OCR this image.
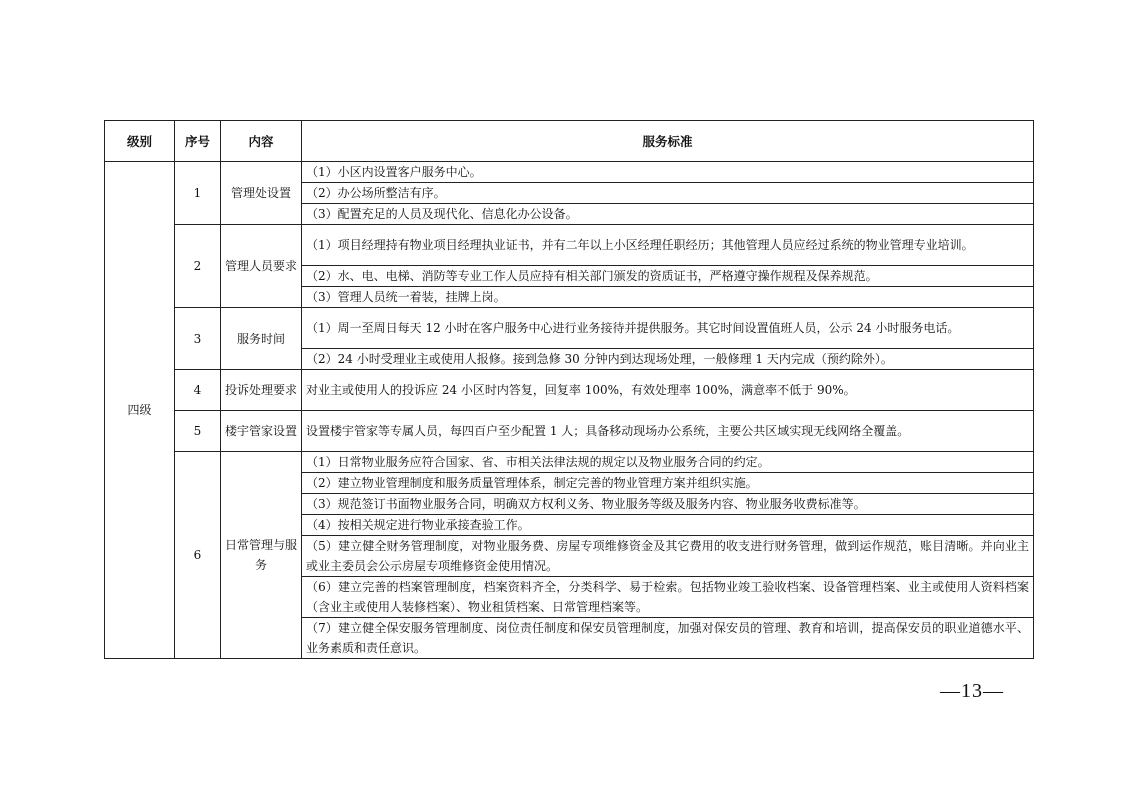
级别	序号	内容	服务标准
四级	1	管理处设置	（1）小区内设置客户服务中心。
			（2）办公场所整洁有序。
			（3）配置充足的人员及现代化、信息化办公设备。
	2	管理人员要求	（1）项目经理持有物业项目经理执业证书，并有二年以上小区经理任职经历；其他管理人员应经过系统的物业管理专业培训。
			（2）水、电、电梯、消防等专业工作人员应持有相关部门颁发的资质证书，严格遵守操作规程及保养规范。
			（3）管理人员统一着装，挂牌上岗。
	3	服务时间	（1）周一至周日每天 12 小时在客户服务中心进行业务接待并提供服务。其它时间设置值班人员，公示 24 小时服务电话。
			（2）24 小时受理业主或使用人报修。接到急修 30 分钟内到达现场处理，一般修理 1 天内完成（预约除外）。
	4	投诉处理要求	对业主或使用人的投诉应 24 小区时内答复，回复率 100%，有效处理率 100%，满意率不低于 90%。
	5	楼宇管家设置	设置楼宇管家等专属人员，每四百户至少配置 1 人；具备移动现场办公系统，主要公共区域实现无线网络全覆盖。
	6	日常管理与服务	（1）日常物业服务应符合国家、省、市相关法律法规的规定以及物业服务合同的约定。
			（2）建立物业管理制度和服务质量管理体系，制定完善的物业管理方案并组织实施。
			（3）规范签订书面物业服务合同，明确双方权利义务、物业服务等级及服务内容、物业服务收费标准等。
			（4）按相关规定进行物业承接查验工作。
			（5）建立健全财务管理制度，对物业服务费、房屋专项维修资金及其它费用的收支进行财务管理，做到运作规范，账目清晰。并向业主或业主委员会公示房屋专项维修资金使用情况。
			（6）建立完善的档案管理制度，档案资料齐全，分类科学、易于检索。包括物业竣工验收档案、设备管理档案、业主或使用人资料档案（含业主或使用人装修档案）、物业租赁档案、日常管理档案等。
			（7）建立健全保安服务管理制度、岗位责任制度和保安员管理制度，加强对保安员的管理、教育和培训，提高保安员的职业道德水平、业务素质和责任意识。
—13—
